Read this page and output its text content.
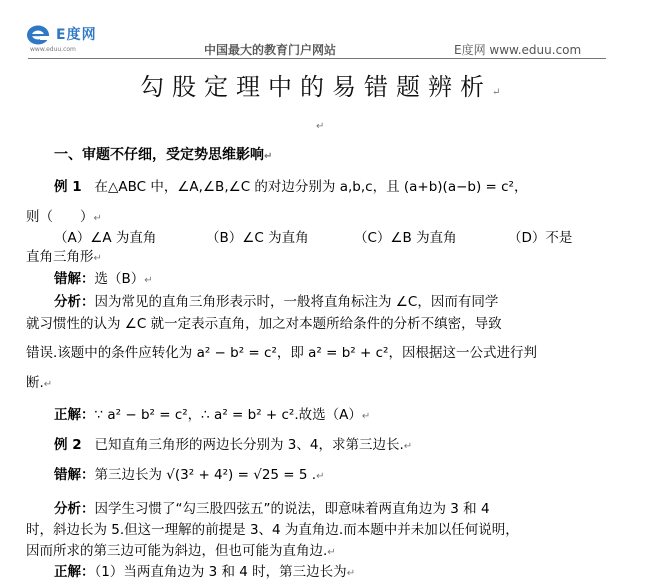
E度网
www.eduu.com	中国最大的教育门户网站	E度网 www.eduu.com
勾股定理中的易错题辨析↵
↵
一、审题不仔细，受定势思维影响↵
例 1 在△ABC 中，∠A,∠B,∠C 的对边分别为 a,b,c，且 (a+b)(a−b) = c²，
则（　　）↵
（A）∠A 为直角	（B）∠C 为直角	（C）∠B 为直角	（D）不是
直角三角形↵
错解：选（B）↵
分析：因为常见的直角三角形表示时，一般将直角标注为 ∠C，因而有同学
就习惯性的认为 ∠C 就一定表示直角，加之对本题所给条件的分析不缜密，导致
错误.该题中的条件应转化为 a² − b² = c²，即 a² = b² + c²，因根据这一公式进行判
断.↵
正解：∵ a² − b² = c²，∴ a² = b² + c².故选（A）↵
例 2 已知直角三角形的两边长分别为 3、4，求第三边长.↵
错解：第三边长为 √(3² + 4²) = √25 = 5 .↵
分析：因学生习惯了“勾三股四弦五”的说法，即意味着两直角边为 3 和 4
时，斜边长为 5.但这一理解的前提是 3、4 为直角边.而本题中并未加以任何说明，
因而所求的第三边可能为斜边，但也可能为直角边.↵
正解：（1）当两直角边为 3 和 4 时，第三边长为↵
